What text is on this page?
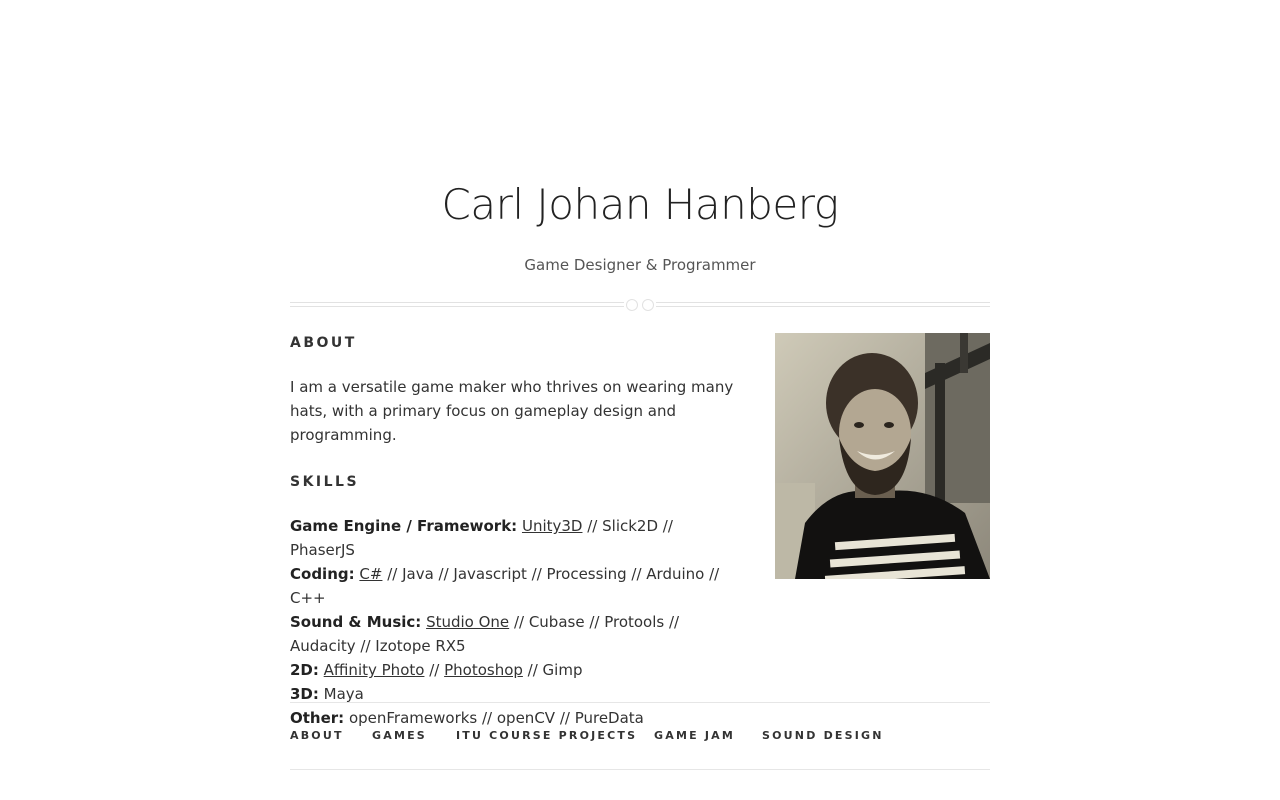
Carl Johan Hanberg
Game Designer & Programmer
ABOUT
I am a versatile game maker who thrives on wearing many hats, with a primary focus on gameplay design and programming.
SKILLS
Game Engine / Framework: Unity3D // Slick2D // PhaserJS
Coding: C# // Java // Javascript // Processing // Arduino // C++
Sound & Music: Studio One // Cubase // Protools // Audacity // Izotope RX5
2D: Affinity Photo // Photoshop // Gimp
3D: Maya
Other: openFrameworks // openCV // PureData
ABOUT	GAMES	ITU COURSE PROJECTS GAME JAM SOUND DESIGN
